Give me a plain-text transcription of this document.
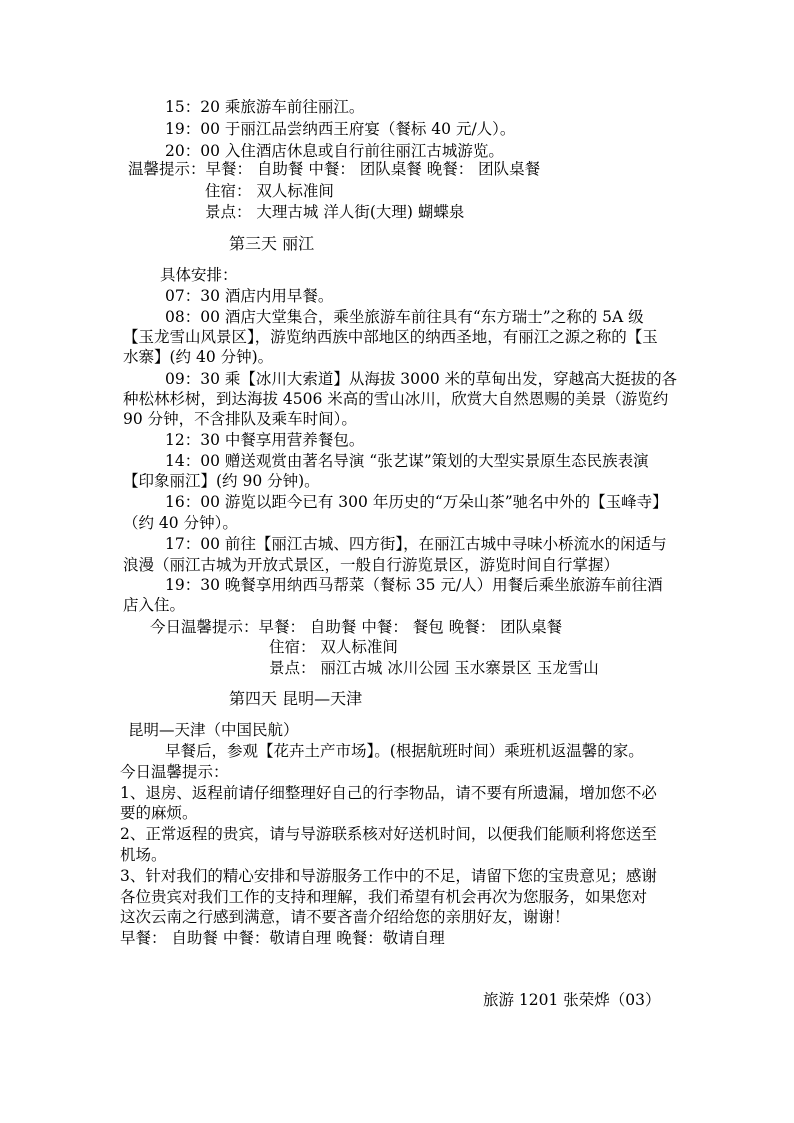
15：20 乘旅游车前往丽江。
19：00 于丽江品尝纳西王府宴（餐标 40 元/人）。
20：00 入住酒店休息或自行前往丽江古城游览。
温馨提示：早餐： 自助餐 中餐： 团队桌餐 晚餐： 团队桌餐
住宿： 双人标准间
景点： 大理古城 洋人街(大理) 蝴蝶泉
第三天 丽江
具体安排：
07：30 酒店内用早餐。
08：00 酒店大堂集合，乘坐旅游车前往具有“东方瑞士”之称的 5A 级
【玉龙雪山风景区】，游览纳西族中部地区的纳西圣地，有丽江之源之称的【玉
水寨】(约 40 分钟)。
09：30 乘【冰川大索道】从海拔 3000 米的草甸出发，穿越高大挺拔的各
种松林杉树，到达海拔 4506 米高的雪山冰川，欣赏大自然恩赐的美景（游览约
90 分钟，不含排队及乘车时间）。
12：30 中餐享用营养餐包。
14：00 赠送观赏由著名导演 “张艺谋”策划的大型实景原生态民族表演
【印象丽江】(约 90 分钟)。
16：00 游览以距今已有 300 年历史的“万朵山茶”驰名中外的【玉峰寺】
（约 40 分钟）。
17：00 前往【丽江古城、四方街】，在丽江古城中寻味小桥流水的闲适与
浪漫（丽江古城为开放式景区，一般自行游览景区，游览时间自行掌握）
19：30 晚餐享用纳西马帮菜（餐标 35 元/人）用餐后乘坐旅游车前往酒
店入住。
今日温馨提示：早餐： 自助餐 中餐： 餐包 晚餐： 团队桌餐
住宿： 双人标准间
景点： 丽江古城 冰川公园 玉水寨景区 玉龙雪山
第四天 昆明—天津
昆明—天津（中国民航）
早餐后，参观【花卉土产市场】。(根据航班时间）乘班机返温馨的家。
今日温馨提示：
1、退房、返程前请仔细整理好自己的行李物品，请不要有所遗漏，增加您不必
要的麻烦。
2、正常返程的贵宾，请与导游联系核对好送机时间，以便我们能顺利将您送至
机场。
3、针对我们的精心安排和导游服务工作中的不足，请留下您的宝贵意见；感谢
各位贵宾对我们工作的支持和理解，我们希望有机会再次为您服务，如果您对
这次云南之行感到满意，请不要吝啬介绍给您的亲朋好友，谢谢！
早餐： 自助餐 中餐：敬请自理 晚餐：敬请自理
旅游 1201 张荣烨（03）
